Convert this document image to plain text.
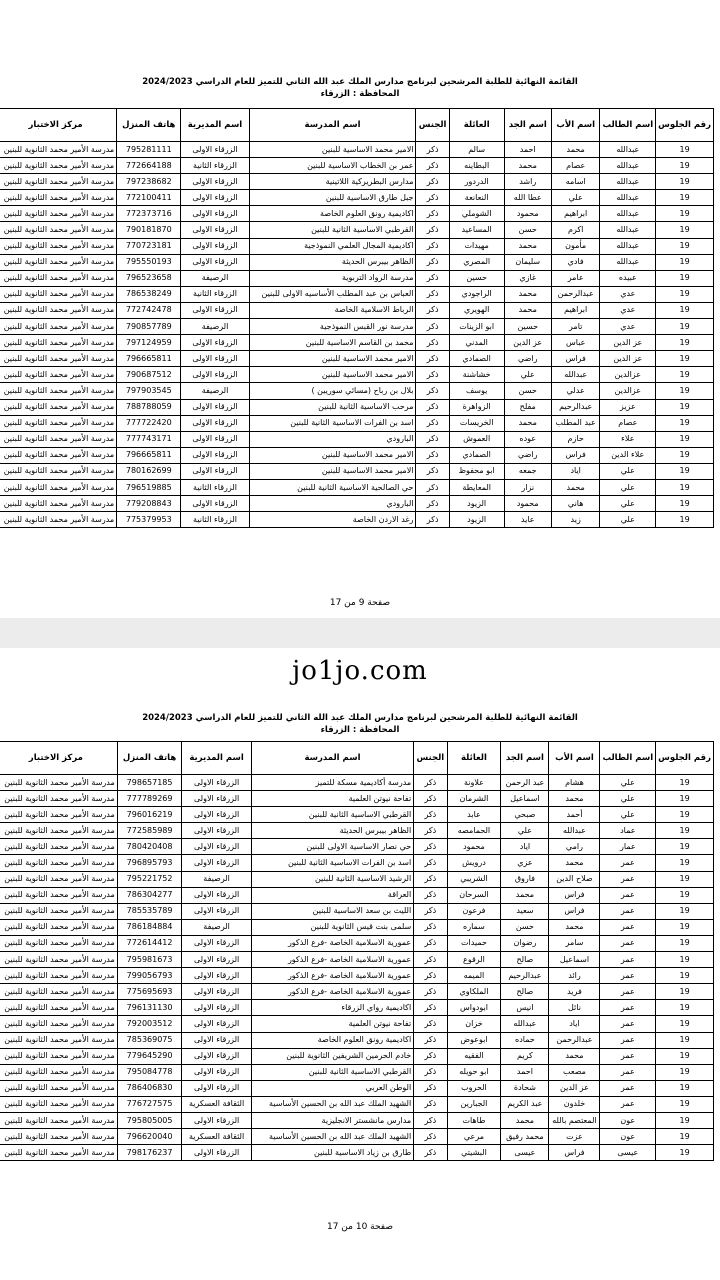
القائمة النهائية للطلبة المرشحين لبرنامج مدارس الملك عبد الله الثاني للتميز للعام الدراسي 2024/2023
المحافظة : الزرقاء
رقم الجلوس	اسم الطالب	اسم الأب	اسم الجد	العائلة	الجنس	اسم المدرسة	اسم المديرية	هاتف المنزل	مركز الاختبار
19	عبدالله	محمد	احمد	سالم	ذكر	الامير محمد الاساسية للبنين	الزرقاء الاولى	795281111	مدرسة الأمير محمد الثانوية للبنين
19	عبدالله	عصام	محمد	البطاينه	ذكر	عمر بن الخطاب الاساسية للبنين	الزرقاء الثانية	772664188	مدرسة الأمير محمد الثانوية للبنين
19	عبدالله	اسامه	راشد	الدردور	ذكر	مدارس البطريركية اللاتينية	الزرقاء الاولى	797238682	مدرسة الأمير محمد الثانوية للبنين
19	عبدالله	علي	عطا الله	النعانعة	ذكر	جبل طارق الاساسية للبنين	الزرقاء الاولى	772100411	مدرسة الأمير محمد الثانوية للبنين
19	عبدالله	ابراهيم	محمود	الشوملي	ذكر	اكاديمية رونق العلوم الخاصة	الزرقاء الاولى	772373716	مدرسة الأمير محمد الثانوية للبنين
19	عبدالله	اكرم	حسن	المساعيد	ذكر	القرطبي الاساسية الثانية للبنين	الزرقاء الاولى	790181870	مدرسة الأمير محمد الثانوية للبنين
19	عبدالله	مأمون	محمد	مهيدات	ذكر	اكاديمية المجال العلمي النموذجية	الزرقاء الاولى	770723181	مدرسة الأمير محمد الثانوية للبنين
19	عبدالله	فادي	سليمان	المصري	ذكر	الظاهر بيبرس الحديثة	الزرقاء الاولى	795550193	مدرسة الأمير محمد الثانوية للبنين
19	عبيده	عامر	غازي	حسين	ذكر	مدرسة الرواد التربوية	الرصيفة	796523658	مدرسة الأمير محمد الثانوية للبنين
19	عدي	عبدالرحمن	محمد	الراجودي	ذكر	العباس بن عبد المطلب الأساسيه الاولى للبنين	الزرقاء الثانية	786538249	مدرسة الأمير محمد الثانوية للبنين
19	عدي	ابراهيم	محمد	الهويري	ذكر	الرباط الاسلامية الخاصة	الزرقاء الاولى	772742478	مدرسة الأمير محمد الثانوية للبنين
19	عدي	تامر	حسين	ابو الزينات	ذكر	مدرسة نور القبس النموذجية	الرصيفة	790857789	مدرسة الأمير محمد الثانوية للبنين
19	عز الدين	عباس	عز الدين	المدني	ذكر	محمد بن القاسم الاساسية للبنين	الزرقاء الاولى	797124959	مدرسة الأمير محمد الثانوية للبنين
19	عز الدين	فراس	راضي	الصمادي	ذكر	الامير محمد الاساسية للبنين	الزرقاء الاولى	796665811	مدرسة الأمير محمد الثانوية للبنين
19	عزالدين	عبدالله	علي	خشاشنة	ذكر	الامير محمد الاساسية للبنين	الزرقاء الاولى	790687512	مدرسة الأمير محمد الثانوية للبنين
19	عزالدين	عدلي	حسن	يوسف	ذكر	بلال بن رباح (مسائي سوريين )	الرصيفة	797903545	مدرسة الأمير محمد الثانوية للبنين
19	عزيز	عبدالرحيم	مفلح	الزواهرة	ذكر	مرحب الاساسية الثانية للبنين	الزرقاء الاولى	788788059	مدرسة الأمير محمد الثانوية للبنين
19	عصام	عبد المطلب	محمد	الخريسات	ذكر	اسد بن الفرات الاساسية الثانية للبنين	الزرقاء الاولى	777722420	مدرسة الأمير محمد الثانوية للبنين
19	علاء	حازم	عوده	العموش	ذكر	البارودي	الزرقاء الاولى	777743171	مدرسة الأمير محمد الثانوية للبنين
19	علاء الدين	فراس	راضي	الصمادي	ذكر	الامير محمد الاساسية للبنين	الزرقاء الاولى	796665811	مدرسة الأمير محمد الثانوية للبنين
19	علي	اياد	جمعه	ابو محفوظ	ذكر	الامير محمد الاساسية للبنين	الزرقاء الاولى	780162699	مدرسة الأمير محمد الثانوية للبنين
19	علي	محمد	نزار	المعايطة	ذكر	حي الصالحية الاساسية الثانية للبنين	الزرقاء الثانية	796519885	مدرسة الأمير محمد الثانوية للبنين
19	علي	هاني	محمود	الزيود	ذكر	البارودي	الزرقاء الاولى	779208843	مدرسة الأمير محمد الثانوية للبنين
19	علي	زيد	عايد	الزيود	ذكر	رغد الاردن الخاصة	الزرقاء الثانية	775379953	مدرسة الأمير محمد الثانوية للبنين
صفحة 9 من 17
القائمة النهائية للطلبة المرشحين لبرنامج مدارس الملك عبد الله الثاني للتميز للعام الدراسي 2024/2023
المحافظة : الزرقاء
رقم الجلوس	اسم الطالب	اسم الأب	اسم الجد	العائلة	الجنس	اسم المدرسة	اسم المديرية	هاتف المنزل	مركز الاختبار
19	علي	هشام	عبد الرحمن	علاونة	ذكر	مدرسة أكاديمية مسكة للتميز	الزرقاء الاولى	798657185	مدرسة الأمير محمد الثانوية للبنين
19	علي	محمد	اسماعيل	الشرمان	ذكر	تفاحة نيوتن العلمية	الزرقاء الاولى	777789269	مدرسة الأمير محمد الثانوية للبنين
19	علي	أحمد	صبحي	عابد	ذكر	القرطبي الاساسية الثانية للبنين	الزرقاء الاولى	796016219	مدرسة الأمير محمد الثانوية للبنين
19	عماد	عبدالله	علي	الحمامصه	ذكر	الظاهر بيبرس الحديثة	الزرقاء الاولى	772585989	مدرسة الأمير محمد الثانوية للبنين
19	عمار	رامي	اياد	محمود	ذكر	حي نصار الاساسية الاولى للبنين	الزرقاء الاولى	780420408	مدرسة الأمير محمد الثانوية للبنين
19	عمر	محمد	عزي	درويش	ذكر	اسد بن الفرات الاساسية الثانية للبنين	الزرقاء الاولى	796895793	مدرسة الأمير محمد الثانوية للبنين
19	عمر	صلاح الدين	فاروق	الشريبي	ذكر	الرشيد الاساسية الثانية للبنين	الرصيفة	795221752	مدرسة الأمير محمد الثانوية للبنين
19	عمر	فراس	محمد	السرحان	ذكر	العراقة	الزرقاء الاولى	786304277	مدرسة الأمير محمد الثانوية للبنين
19	عمر	فراس	سعيد	فرعون	ذكر	الليث بن سعد الاساسية للبنين	الزرقاء الاولى	785535789	مدرسة الأمير محمد الثانوية للبنين
19	عمر	محمد	حسن	سماره	ذكر	سلمى بنت قيس الثانوية للبنين	الرصيفة	786184884	مدرسة الأمير محمد الثانوية للبنين
19	عمر	سامر	رضوان	حميدات	ذكر	عمورية الاسلامية الخاصة -فرع الذكور	الزرقاء الاولى	772614412	مدرسة الأمير محمد الثانوية للبنين
19	عمر	اسماعيل	صالح	الرقوع	ذكر	عمورية الاسلامية الخاصة -فرع الذكور	الزرقاء الاولى	795981673	مدرسة الأمير محمد الثانوية للبنين
19	عمر	رائد	عبدالرحيم	الميمه	ذكر	عمورية الاسلامية الخاصة -فرع الذكور	الزرقاء الاولى	799056793	مدرسة الأمير محمد الثانوية للبنين
19	عمر	فريد	صالح	الملكاوي	ذكر	عمورية الاسلامية الخاصة -فرع الذكور	الزرقاء الاولى	775695693	مدرسة الأمير محمد الثانوية للبنين
19	عمر	نائل	انيس	ابودواس	ذكر	اكاديمية رواي الزرقاء	الزرقاء الاولى	796131130	مدرسة الأمير محمد الثانوية للبنين
19	عمر	اياد	عبدالله	خزان	ذكر	تفاحة نيوتن العلمية	الزرقاء الاولى	792003512	مدرسة الأمير محمد الثانوية للبنين
19	عمر	عبدالرحمن	حماده	ابوعوض	ذكر	اكاديمية رونق العلوم الخاصة	الزرقاء الاولى	785369075	مدرسة الأمير محمد الثانوية للبنين
19	عمر	محمد	كريم	الفقيه	ذكر	خادم الحرمين الشريفين الثانوية للبنين	الزرقاء الاولى	779645290	مدرسة الأمير محمد الثانوية للبنين
19	عمر	مصعب	احمد	ابو حويله	ذكر	القرطبي الاساسية الثانية للبنين	الزرقاء الاولى	795084778	مدرسة الأمير محمد الثانوية للبنين
19	عمر	عز الدين	شحادة	الحروب	ذكر	الوطن العربي	الزرقاء الاولى	786406830	مدرسة الأمير محمد الثانوية للبنين
19	عمر	خلدون	عبد الكريم	الجبارين	ذكر	الشهيد الملك عبد الله بن الحسين الأساسية	الثقافة العسكرية	776727575	مدرسة الأمير محمد الثانوية للبنين
19	عون	المعتصم بالله	محمد	طاهات	ذكر	مدارس مانشستر الانجليزية	الزرقاء الاولى	795805005	مدرسة الأمير محمد الثانوية للبنين
19	عون	عزت	محمد رفيق	مرعي	ذكر	الشهيد الملك عبد الله بن الحسين الأساسية	الثقافة العسكرية	796620040	مدرسة الأمير محمد الثانوية للبنين
19	عيسى	فراس	عيسى	البشيتي	ذكر	طارق بن زياد الاساسية للبنين	الزرقاء الاولى	798176237	مدرسة الأمير محمد الثانوية للبنين
صفحة 10 من 17
jo1jo.com
